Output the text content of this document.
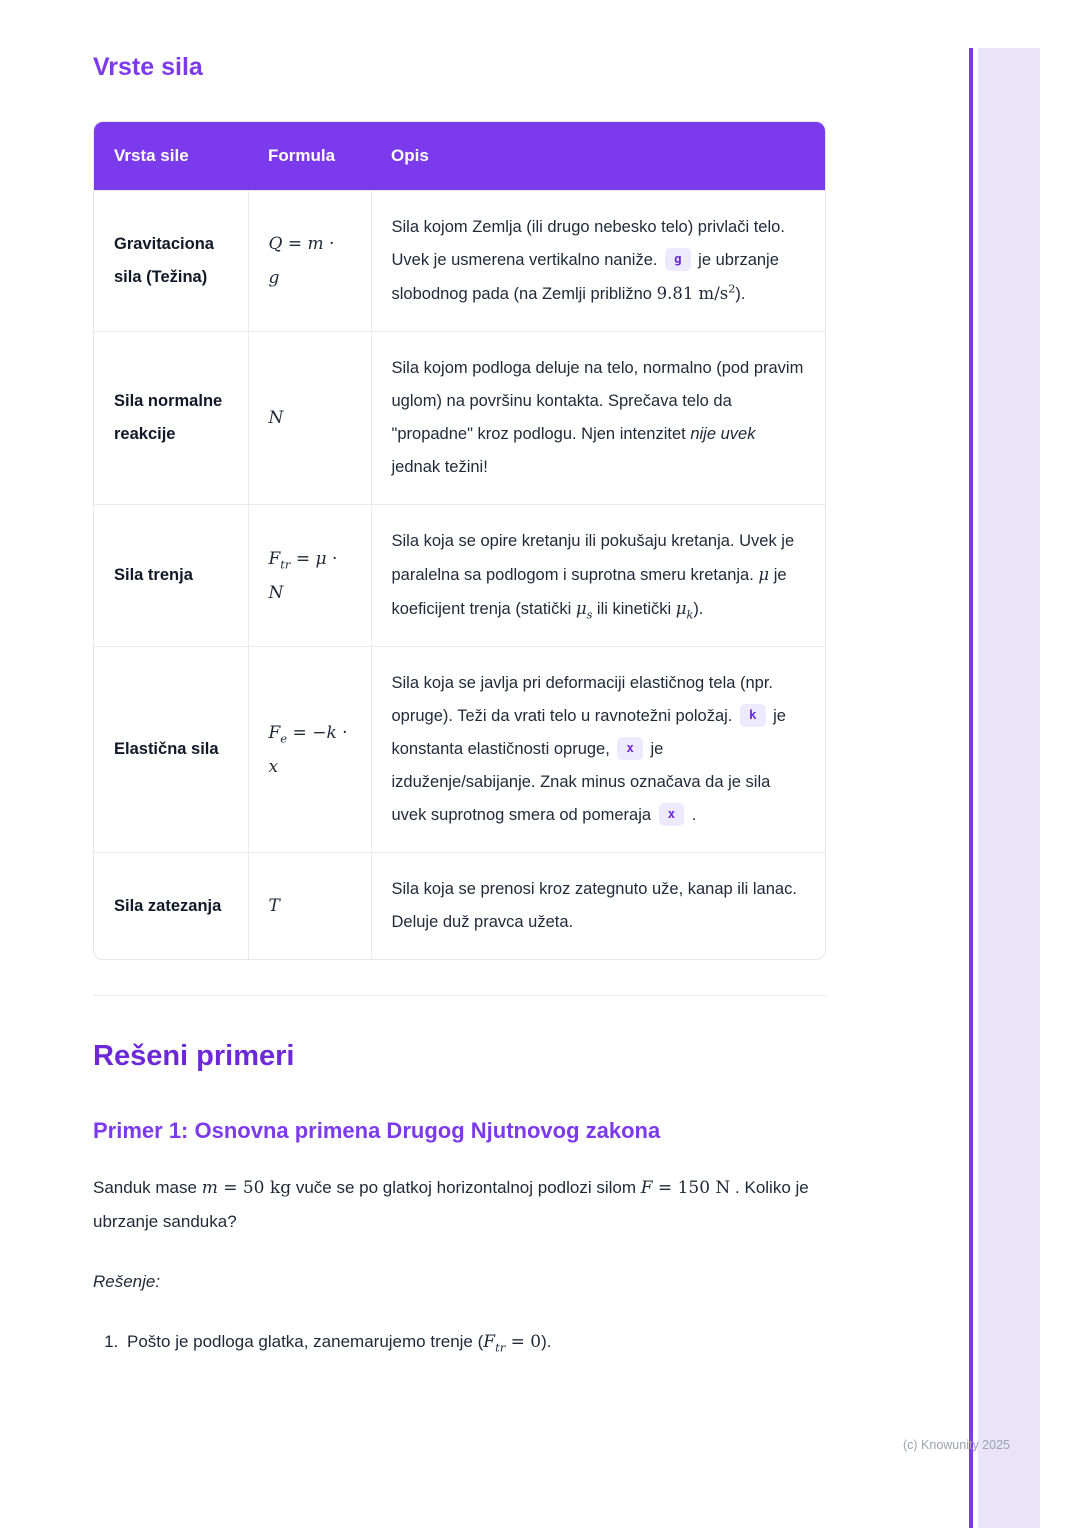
Vrste sila
Vrsta sile	Formula	Opis
Gravitaciona sila (Težina)	Q = m · g	Sila kojom Zemlja (ili drugo nebesko telo) privlači telo. Uvek je usmerena vertikalno naniže. g je ubrzanje slobodnog pada (na Zemlji približno 9.81 $m/s^2$).
Sila normalne reakcije	N	Sila kojom podloga deluje na telo, normalno (pod pravim uglom) na površinu kontakta. Sprečava telo da "propadne" kroz podlogu. Njen intenzitet nije uvek jednak težini!
Sila trenja	$F_{tr} = \mu \cdot N$	Sila koja se opire kretanju ili pokušaju kretanja. Uvek je paralelna sa podlogom i suprotna smeru kretanja. μ je koeficijent trenja (statički $\mu_s$ ili kinetički $\mu_k$).
Elastična sila	$F_e = -k \cdot x$	Sila koja se javlja pri deformaciji elastičnog tela (npr. opruge). Teži da vrati telo u ravnotežni položaj. k je konstanta elastičnosti opruge, x je izduženje/sabijanje. Znak minus označava da je sila uvek suprotnog smera od pomeraja x .
Sila zatezanja	T	Sila koja se prenosi kroz zategnuto uže, kanap ili lanac. Deluje duž pravca užeta.
Rešeni primeri
Primer 1: Osnovna primena Drugog Njutnovog zakona

Sanduk mase m = 50 kg vuče se po glatkoj horizontalnoj podlozi silom F = 150 N . Koliko je ubrzanje sanduka?

Rešenje:

1. Pošto je podloga glatka, zanemarujemo trenje $(F_{tr} = 0)$.
(c) Knowunity 2025
